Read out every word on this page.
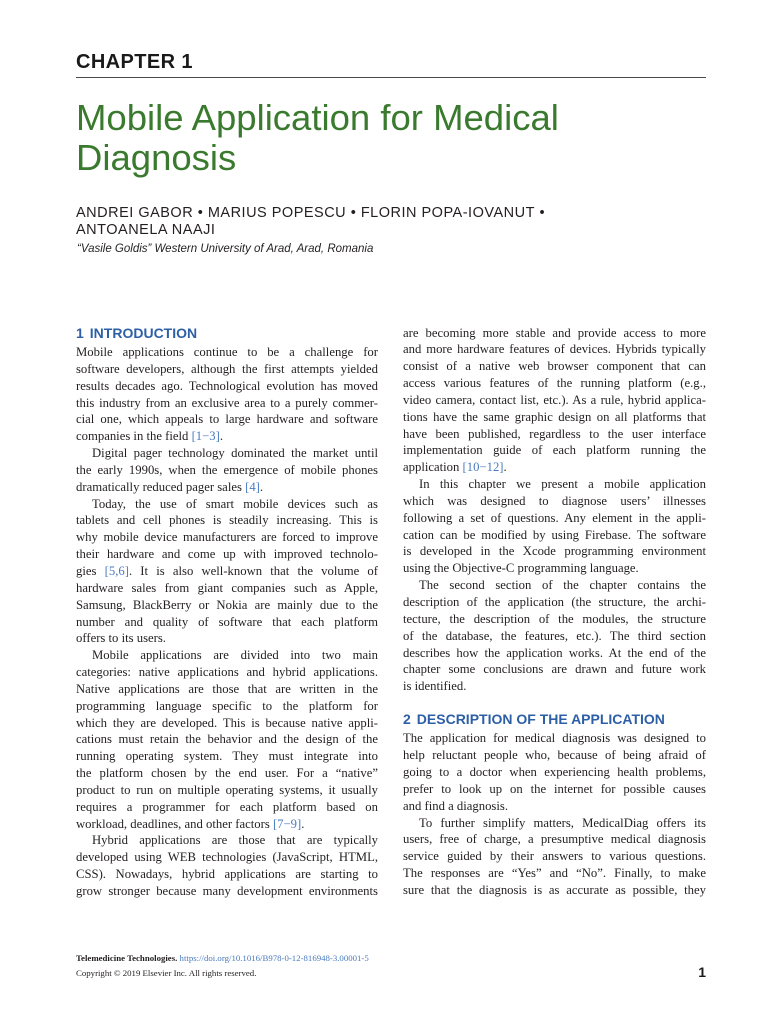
CHAPTER 1
Mobile Application for Medical
Diagnosis
ANDREI GABOR • MARIUS POPESCU • FLORIN POPA-IOVANUT • ANTOANELA NAAJI
“Vasile Goldis” Western University of Arad, Arad, Romania
1 INTRODUCTION
Mobile applications continue to be a challenge for
software developers, although the first attempts yielded
results decades ago. Technological evolution has moved
this industry from an exclusive area to a purely commer-
cial one, which appeals to large hardware and software
companies in the field [1−3].
Digital pager technology dominated the market until
the early 1990s, when the emergence of mobile phones
dramatically reduced pager sales [4].
Today, the use of smart mobile devices such as
tablets and cell phones is steadily increasing. This is
why mobile device manufacturers are forced to improve
their hardware and come up with improved technolo-
gies [5,6]. It is also well-known that the volume of
hardware sales from giant companies such as Apple,
Samsung, BlackBerry or Nokia are mainly due to the
number and quality of software that each platform
offers to its users.
Mobile applications are divided into two main
categories: native applications and hybrid applications.
Native applications are those that are written in the
programming language specific to the platform for
which they are developed. This is because native appli-
cations must retain the behavior and the design of the
running operating system. They must integrate into
the platform chosen by the end user. For a “native”
product to run on multiple operating systems, it usually
requires a programmer for each platform based on
workload, deadlines, and other factors [7−9].
Hybrid applications are those that are typically
developed using WEB technologies (JavaScript, HTML,
CSS). Nowadays, hybrid applications are starting to
grow stronger because many development environments
are becoming more stable and provide access to more
and more hardware features of devices. Hybrids typically
consist of a native web browser component that can
access various features of the running platform (e.g.,
video camera, contact list, etc.). As a rule, hybrid applica-
tions have the same graphic design on all platforms that
have been published, regardless to the user interface
implementation guide of each platform running the
application [10−12].
In this chapter we present a mobile application
which was designed to diagnose users’ illnesses
following a set of questions. Any element in the appli-
cation can be modified by using Firebase. The software
is developed in the Xcode programming environment
using the Objective-C programming language.
The second section of the chapter contains the
description of the application (the structure, the archi-
tecture, the description of the modules, the structure
of the database, the features, etc.). The third section
describes how the application works. At the end of the
chapter some conclusions are drawn and future work
is identified.
2 DESCRIPTION OF THE APPLICATION
The application for medical diagnosis was designed to
help reluctant people who, because of being afraid of
going to a doctor when experiencing health problems,
prefer to look up on the internet for possible causes
and find a diagnosis.
To further simplify matters, MedicalDiag offers its
users, free of charge, a presumptive medical diagnosis
service guided by their answers to various questions.
The responses are “Yes” and “No”. Finally, to make
sure that the diagnosis is as accurate as possible, they
Telemedicine Technologies. https://doi.org/10.1016/B978-0-12-816948-3.00001-5
Copyright © 2019 Elsevier Inc. All rights reserved.	1
